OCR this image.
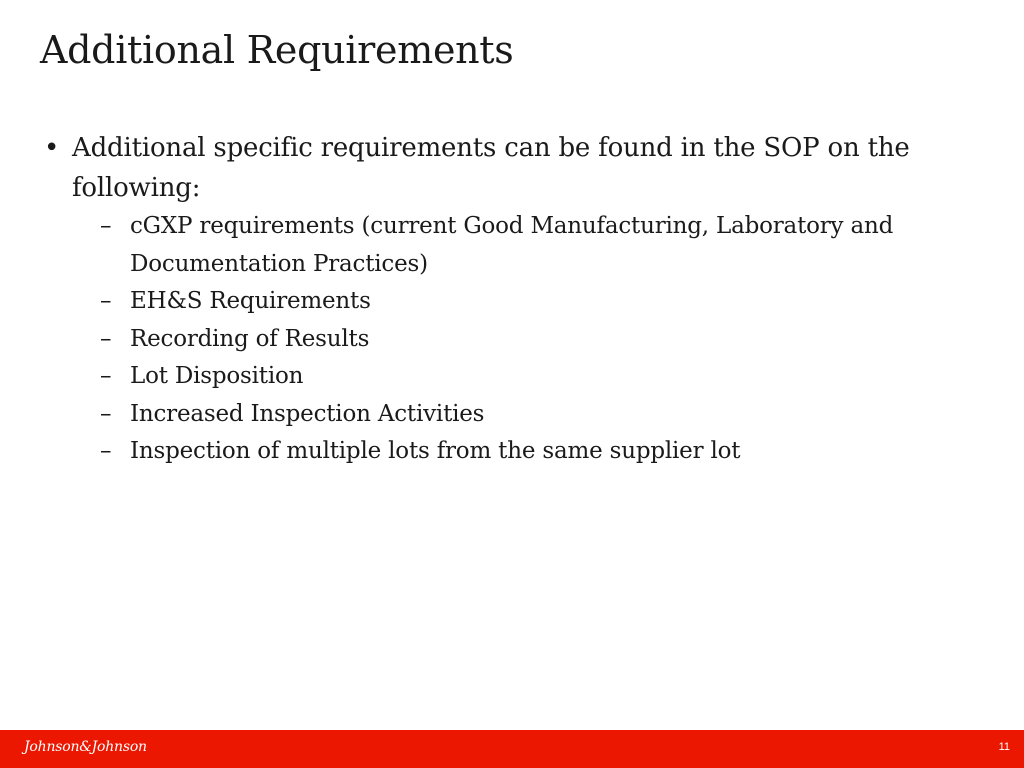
Additional Requirements
• Additional specific requirements can be found in the SOP on the following:
– cGXP requirements (current Good Manufacturing, Laboratory and Documentation Practices)
– EH&S Requirements
– Recording of Results
– Lot Disposition
– Increased Inspection Activities
– Inspection of multiple lots from the same supplier lot
Johnson&Johnson	11
